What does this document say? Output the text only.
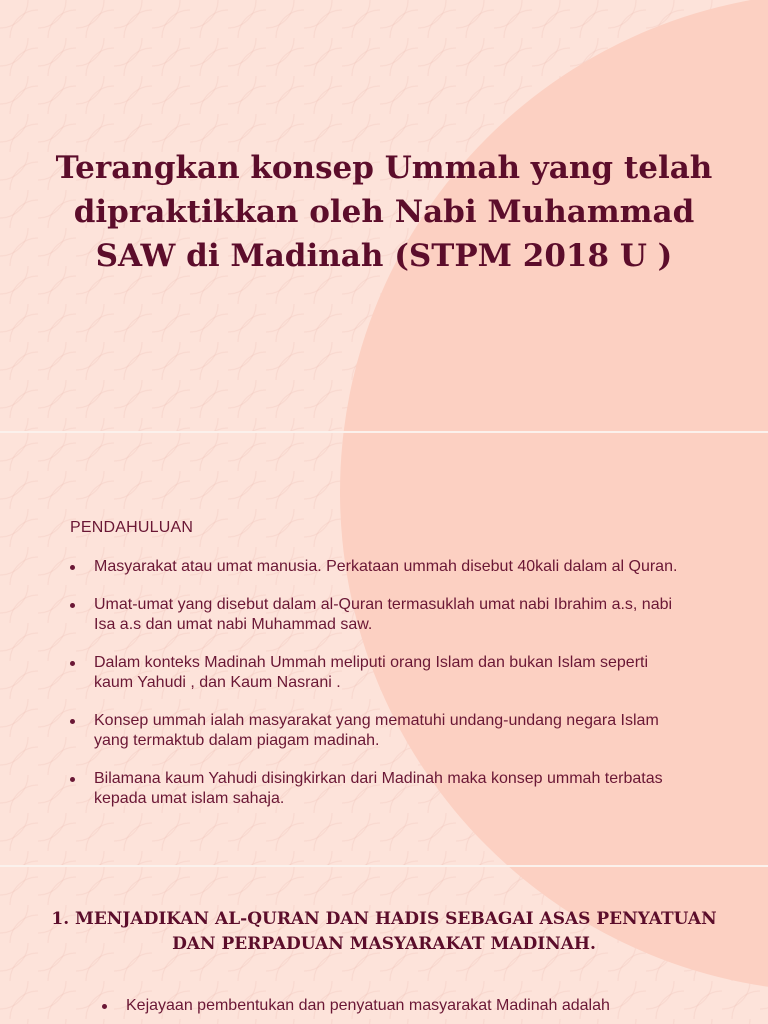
Terangkan konsep Ummah yang telah dipraktikkan oleh Nabi Muhammad SAW di Madinah (STPM 2018 U )
PENDAHULUAN
Masyarakat atau umat manusia. Perkataan ummah disebut 40kali dalam al Quran.
Umat-umat yang disebut dalam al-Quran termasuklah umat nabi Ibrahim a.s, nabi Isa a.s dan umat nabi Muhammad saw.
Dalam konteks Madinah Ummah meliputi orang Islam dan bukan Islam seperti kaum Yahudi , dan Kaum Nasrani .
Konsep ummah ialah masyarakat yang mematuhi undang-undang negara Islam yang termaktub dalam piagam madinah.
Bilamana kaum Yahudi disingkirkan dari Madinah maka konsep ummah terbatas kepada umat islam sahaja.
1. MENJADIKAN AL-QURAN DAN HADIS SEBAGAI ASAS PENYATUAN DAN PERPADUAN MASYARAKAT MADINAH.
Kejayaan pembentukan dan penyatuan masyarakat Madinah adalah
